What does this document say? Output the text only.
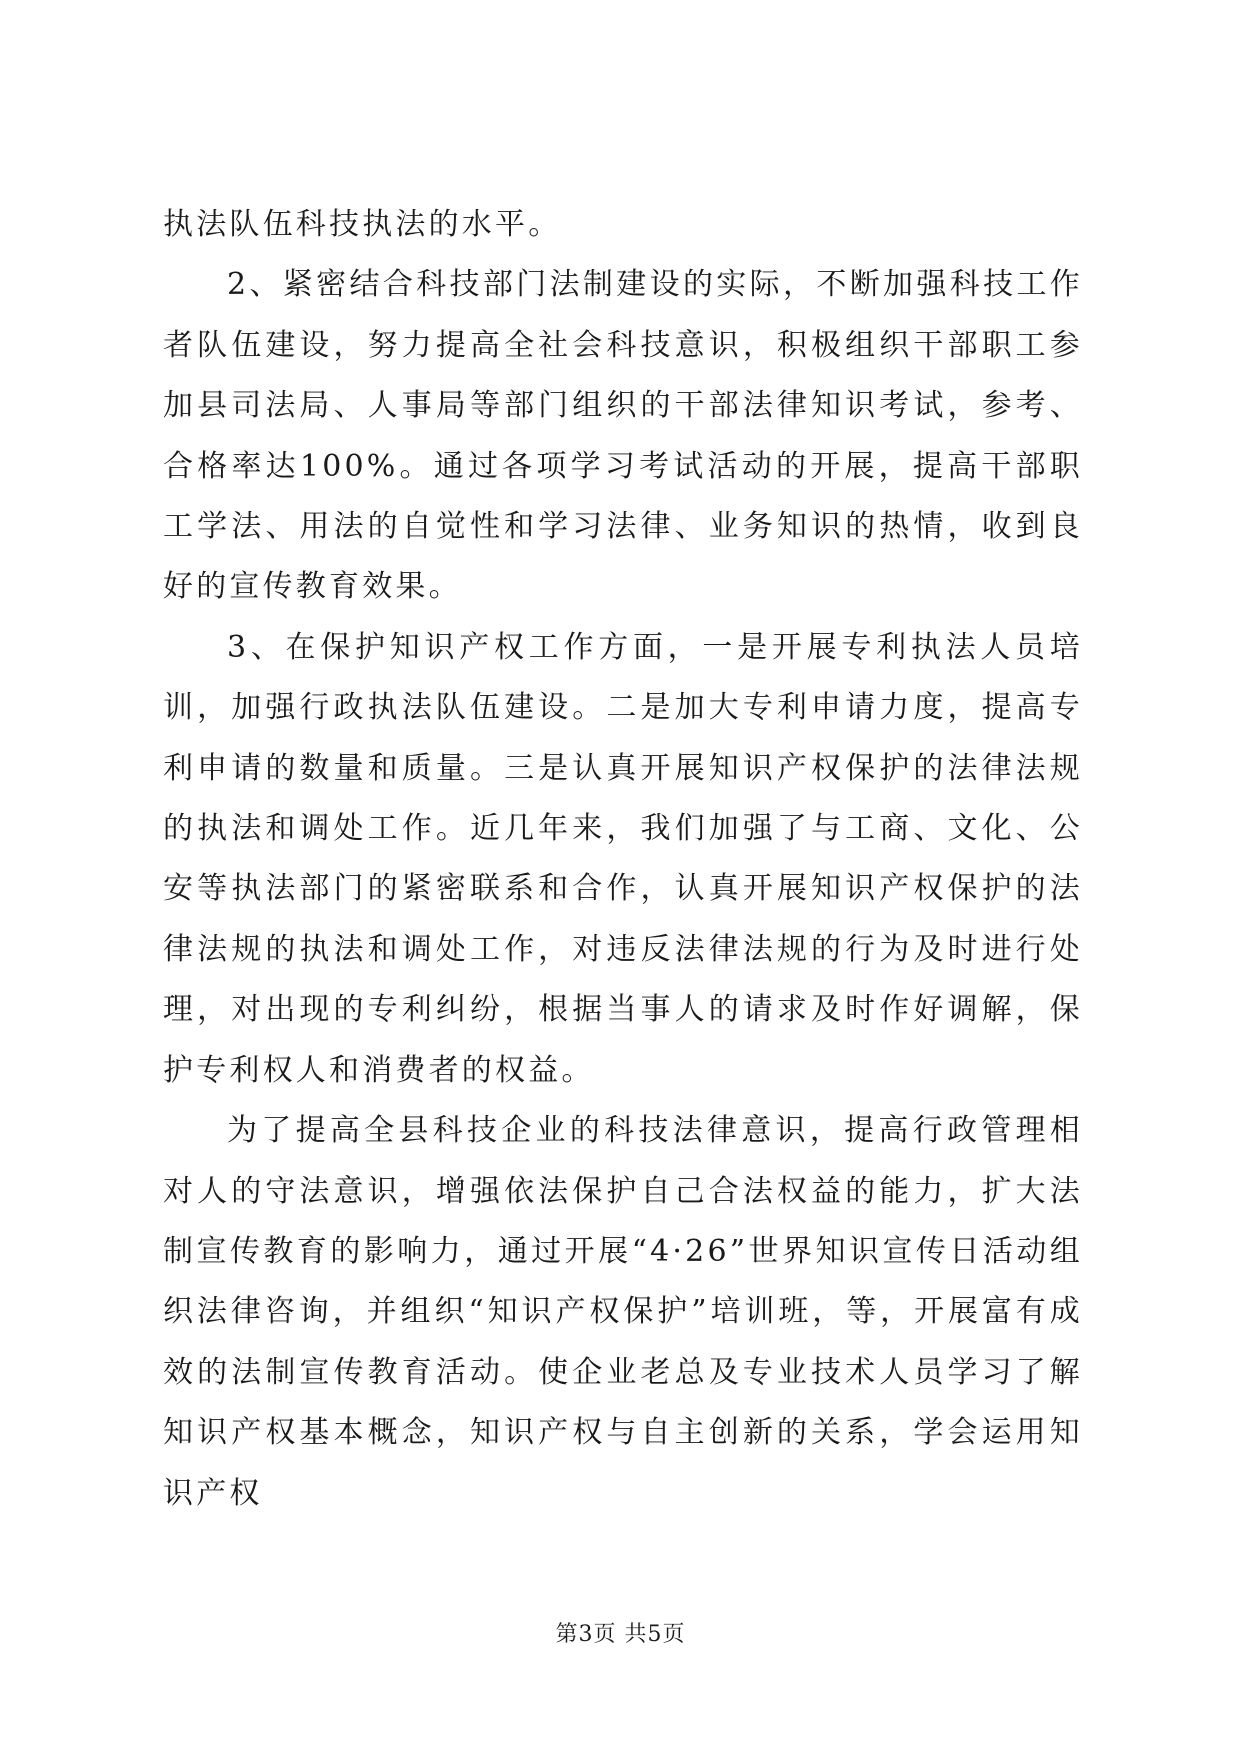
执法队伍科技执法的水平。

2、紧密结合科技部门法制建设的实际，不断加强科技工作者队伍建设，努力提高全社会科技意识，积极组织干部职工参加县司法局、人事局等部门组织的干部法律知识考试，参考、合格率达100%。通过各项学习考试活动的开展，提高干部职工学法、用法的自觉性和学习法律、业务知识的热情，收到良好的宣传教育效果。

3、在保护知识产权工作方面，一是开展专利执法人员培训，加强行政执法队伍建设。二是加大专利申请力度，提高专利申请的数量和质量。三是认真开展知识产权保护的法律法规的执法和调处工作。近几年来，我们加强了与工商、文化、公安等执法部门的紧密联系和合作，认真开展知识产权保护的法律法规的执法和调处工作，对违反法律法规的行为及时进行处理，对出现的专利纠纷，根据当事人的请求及时作好调解，保护专利权人和消费者的权益。

为了提高全县科技企业的科技法律意识，提高行政管理相对人的守法意识，增强依法保护自己合法权益的能力，扩大法制宣传教育的影响力，通过开展“4·26”世界知识宣传日活动组织法律咨询，并组织“知识产权保护”培训班，等，开展富有成效的法制宣传教育活动。使企业老总及专业技术人员学习了解知识产权基本概念，知识产权与自主创新的关系，学会运用知识产权

第3页 共5页
